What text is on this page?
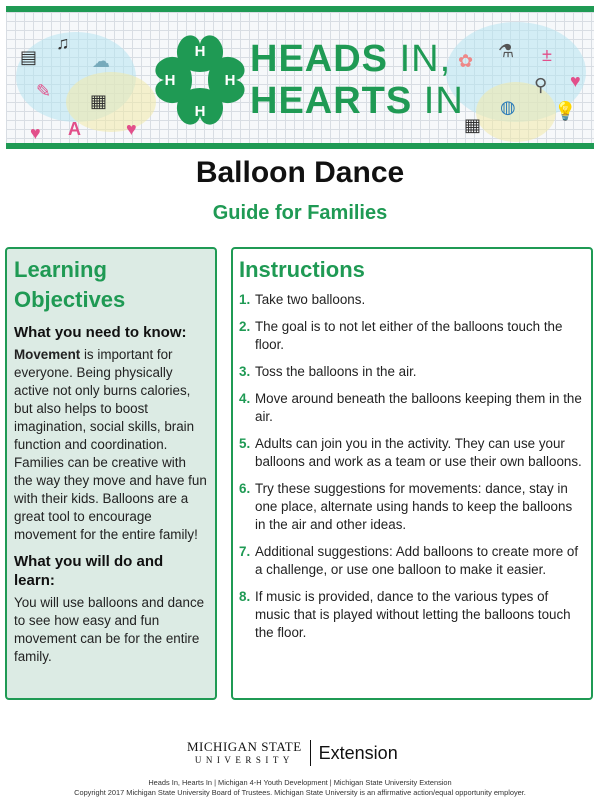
▤
♫
☁
✎ ▦
A
♥	♥
✿ ⚗ ±
⚲
◍ 💡
▦
♥
H
H
H
H
HEADS IN,
HEARTS IN
Balloon Dance
Guide for Families
Learning
Objectives
What you need to know:

Movement is important for everyone. Being physically active not only burns calories, but also helps to boost imagination, social skills, brain function and coordination. Families can be creative with the way they move and have fun with their kids. Balloons are a great tool to encourage movement for the entire family!

What you will do and learn:

You will use balloons and dance to see how easy and fun movement can be for the entire family.

Instructions
1. Take two balloons.
2. The goal is to not let either of the balloons touch the floor.
3. Toss the balloons in the air.
4. Move around beneath the balloons keeping them in the air.
5. Adults can join you in the activity. They can use your balloons and work as a team or use their own balloons.
6. Try these suggestions for movements: dance, stay in one place, alternate using hands to keep the balloons in the air and other ideas.
7. Additional suggestions: Add balloons to create more of a challenge, or use one balloon to make it easier.
8. If music is provided, dance to the various types of music that is played without letting the balloons touch the floor.
MICHIGAN STATE
UNIVERSITY	Extension
Heads In, Hearts In | Michigan 4-H Youth Development | Michigan State University Extension
Copyright 2017 Michigan State University Board of Trustees. Michigan State University is an affirmative action/equal opportunity employer.
